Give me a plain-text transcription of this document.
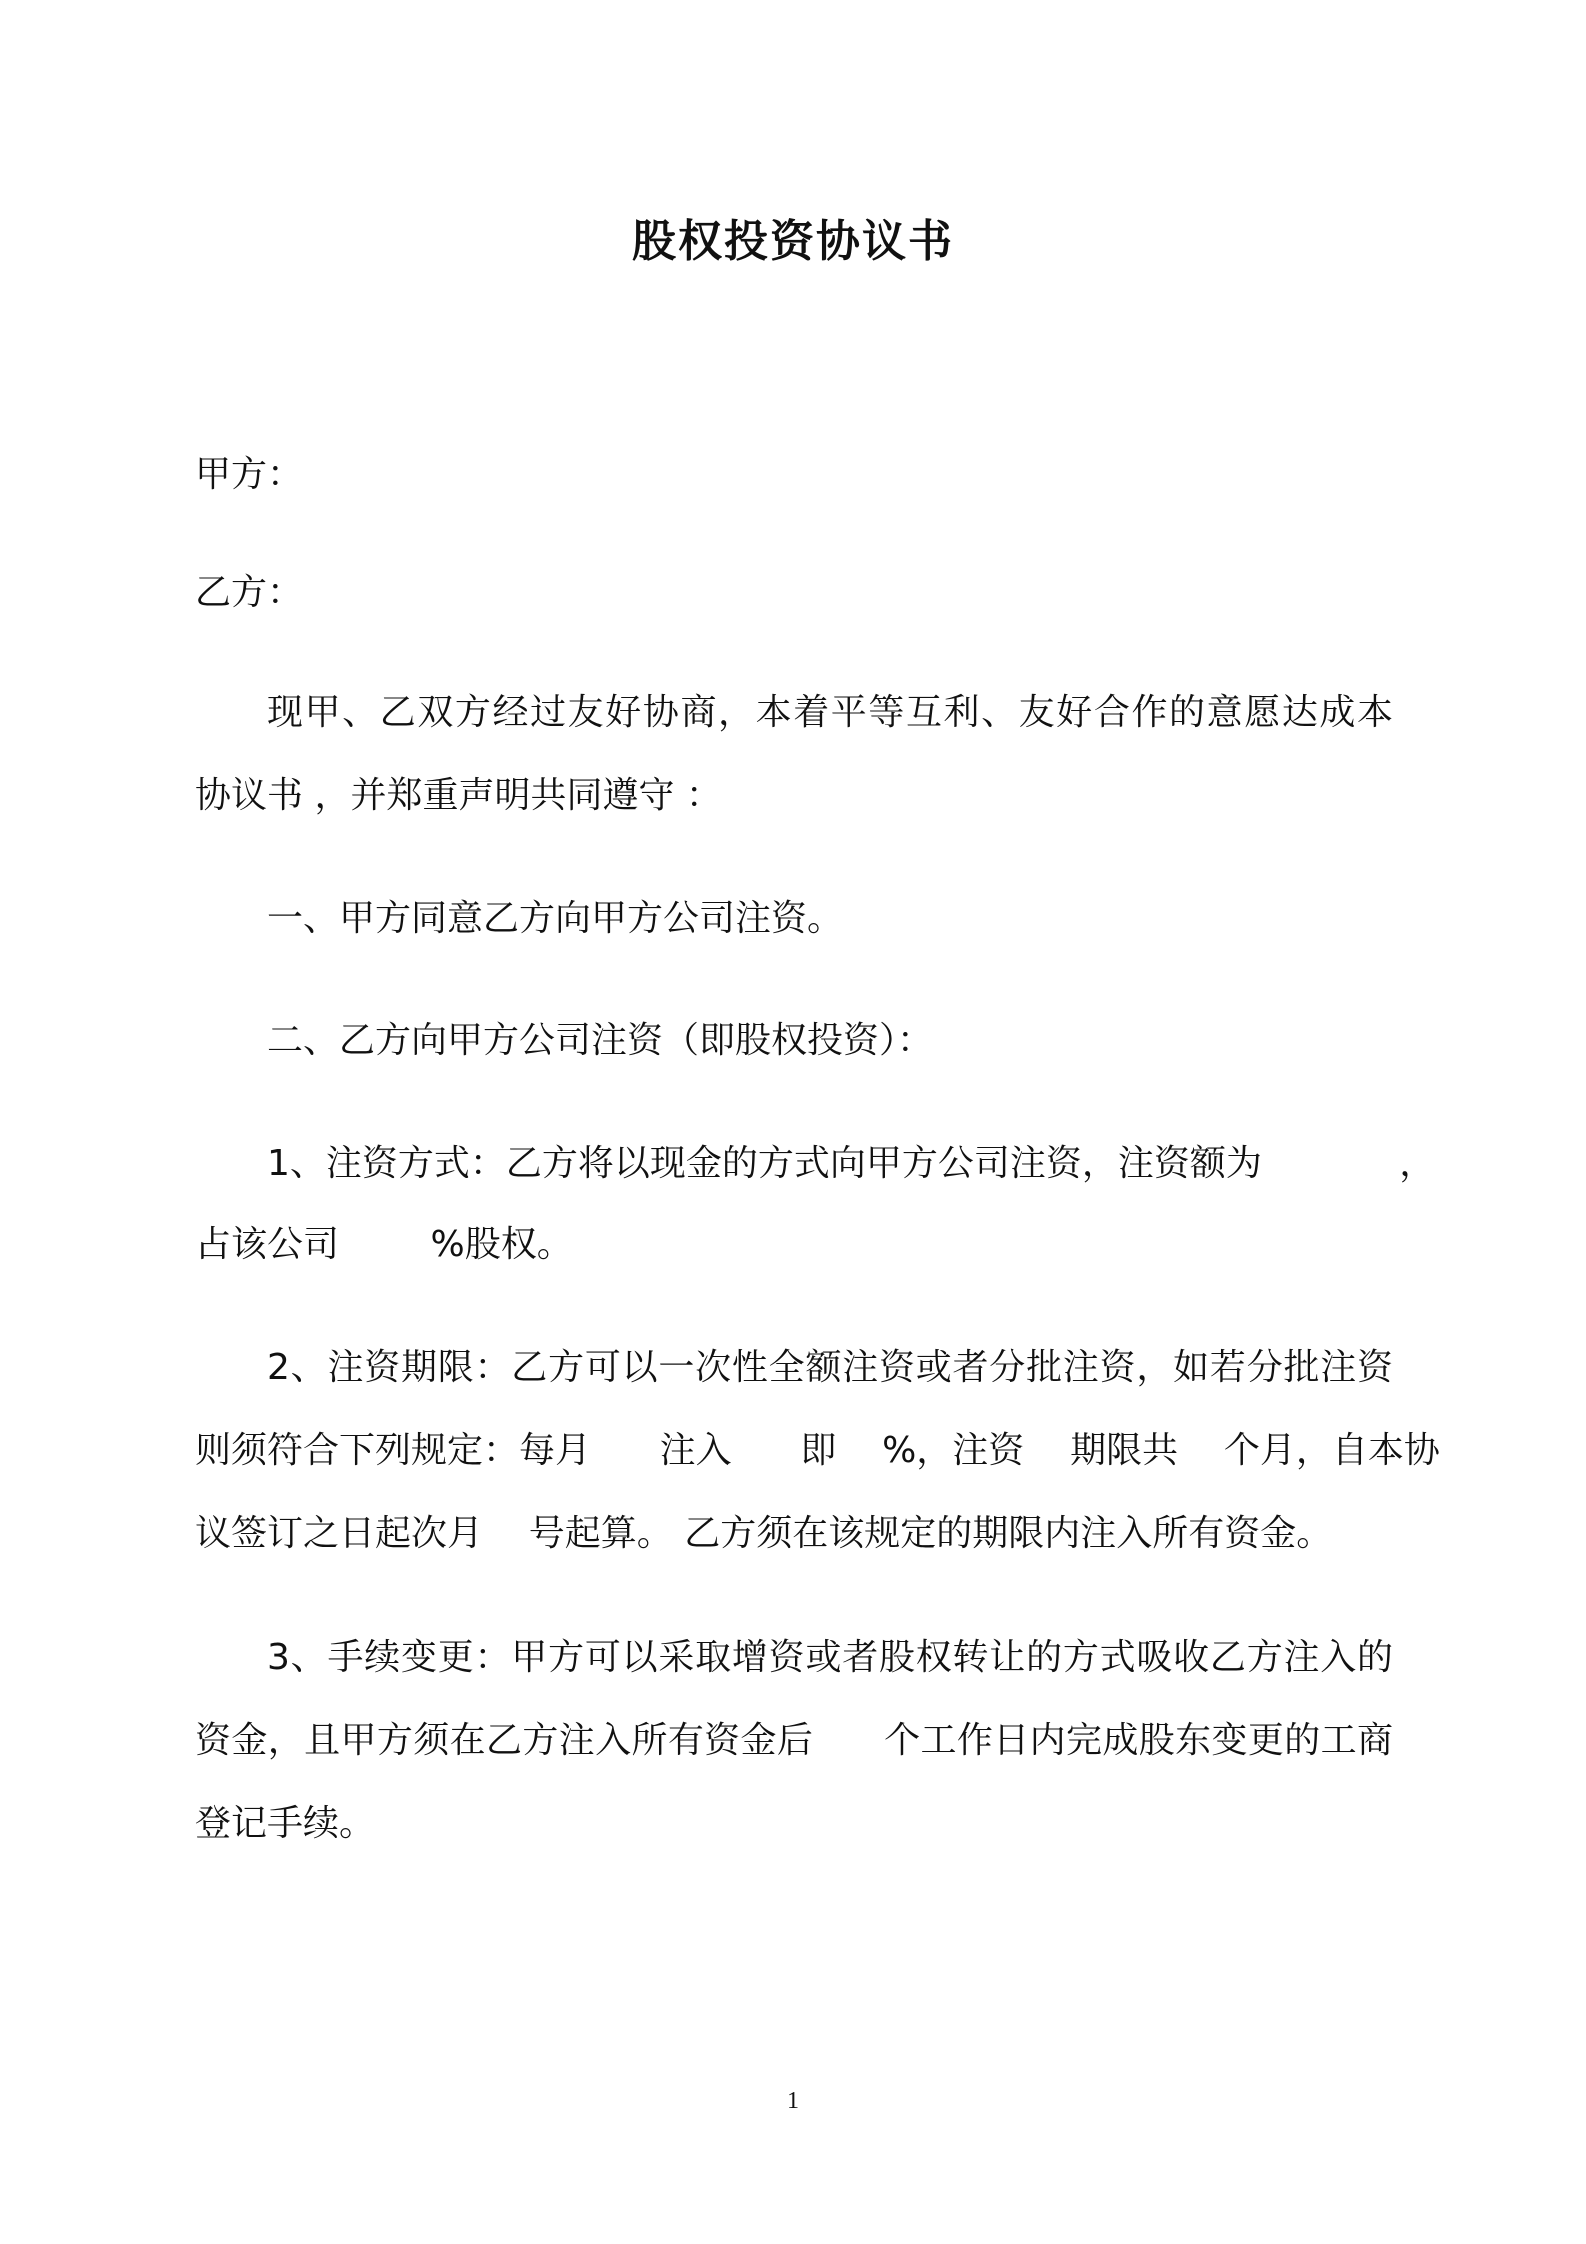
股权投资协议书
甲方：
乙方：
现甲、乙双方经过友好协商，本着平等互利、友好合作的意愿达成本
协议书 ，并郑重声明共同遵守 ：
一、甲方同意乙方向甲方公司注资。
二、乙方向甲方公司注资（即股权投资）：
1、注资方式：乙方将以现金的方式向甲方公司注资，注资额为            ，
占该公司        %股权。
2、注资期限：乙方可以一次性全额注资或者分批注资，如若分批注资
则须符合下列规定：每月      注入      即    %，注资    期限共    个月，自本协
议签订之日起次月    号起算。 乙方须在该规定的期限内注入所有资金。
3、手续变更：甲方可以采取增资或者股权转让的方式吸收乙方注入的
资金，且甲方须在乙方注入所有资金后      个工作日内完成股东变更的工商
登记手续。
1
